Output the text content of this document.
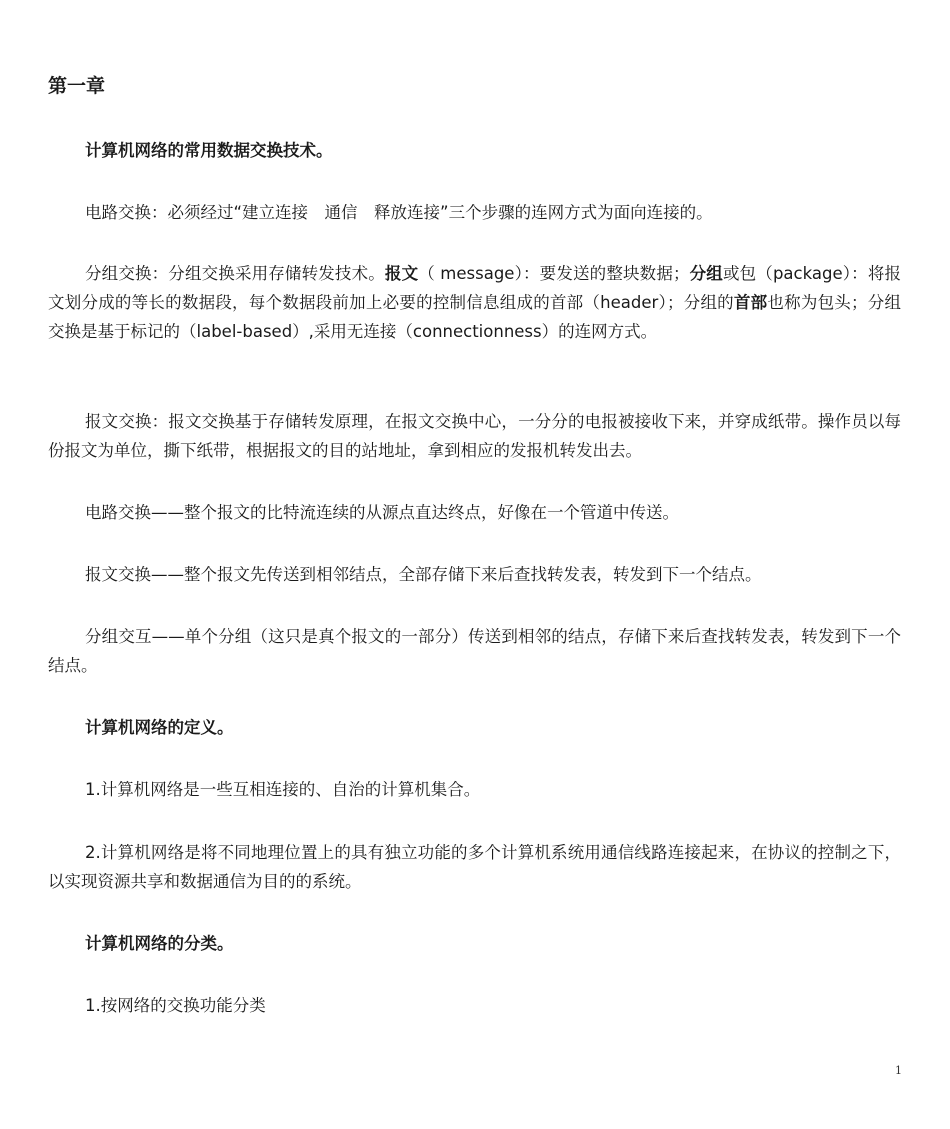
第一章

计算机网络的常用数据交换技术。

电路交换：必须经过“建立连接　通信　释放连接”三个步骤的连网方式为面向连接的。

分组交换：分组交换采用存储转发技术。报文（ message）：要发送的整块数据；分组或包（package）：将报文划分成的等长的数据段，每个数据段前加上必要的控制信息组成的首部（header）；分组的首部也称为包头；分组交换是基于标记的（label-based）,采用无连接（connectionness）的连网方式。

报文交换：报文交换基于存储转发原理，在报文交换中心，一分分的电报被接收下来，并穿成纸带。操作员以每份报文为单位，撕下纸带，根据报文的目的站地址，拿到相应的发报机转发出去。

电路交换——整个报文的比特流连续的从源点直达终点，好像在一个管道中传送。

报文交换——整个报文先传送到相邻结点，全部存储下来后查找转发表，转发到下一个结点。

分组交互——单个分组（这只是真个报文的一部分）传送到相邻的结点，存储下来后查找转发表，转发到下一个结点。

计算机网络的定义。

1.计算机网络是一些互相连接的、自治的计算机集合。

2.计算机网络是将不同地理位置上的具有独立功能的多个计算机系统用通信线路连接起来，在协议的控制之下，以实现资源共享和数据通信为目的的系统。

计算机网络的分类。

1.按网络的交换功能分类

1
